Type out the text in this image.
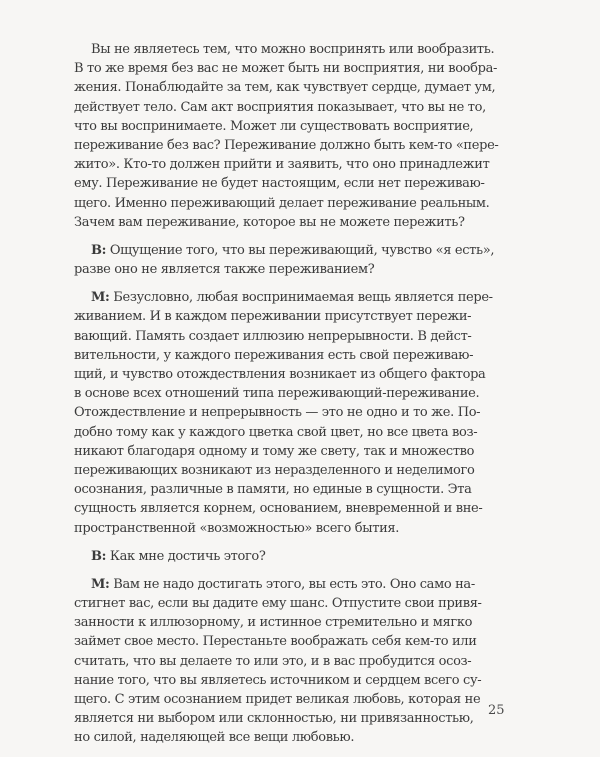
Вы не являетесь тем, что можно воспринять или вообразить.
В то же время без вас не может быть ни восприятия, ни вообра-
жения. Понаблюдайте за тем, как чувствует сердце, думает ум,
действует тело. Сам акт восприятия показывает, что вы не то,
что вы воспринимаете. Может ли существовать восприятие,
переживание без вас? Переживание должно быть кем-то «пере-
жито». Кто-то должен прийти и заявить, что оно принадлежит
ему. Переживание не будет настоящим, если нет переживаю-
щего. Именно переживающий делает переживание реальным.
Зачем вам переживание, которое вы не можете пережить?
В: Ощущение того, что вы переживающий, чувство «я есть»,
разве оно не является также переживанием?
М: Безусловно, любая воспринимаемая вещь является пере-
живанием. И в каждом переживании присутствует пережи-
вающий. Память создает иллюзию непрерывности. В дейст-
вительности, у каждого переживания есть свой переживаю-
щий, и чувство отождествления возникает из общего фактора
в основе всех отношений типа переживающий-переживание.
Отождествление и непрерывность — это не одно и то же. По-
добно тому как у каждого цветка свой цвет, но все цвета воз-
никают благодаря одному и тому же свету, так и множество
переживающих возникают из неразделенного и неделимого
осознания, различные в памяти, но единые в сущности. Эта
сущность является корнем, основанием, вневременной и вне-
пространственной «возможностью» всего бытия.
В: Как мне достичь этого?
М: Вам не надо достигать этого, вы есть это. Оно само на-
стигнет вас, если вы дадите ему шанс. Отпустите свои привя-
занности к иллюзорному, и истинное стремительно и мягко
займет свое место. Перестаньте воображать себя кем-то или
считать, что вы делаете то или это, и в вас пробудится осоз-
нание того, что вы являетесь источником и сердцем всего су-
щего. С этим осознанием придет великая любовь, которая не
является ни выбором или склонностью, ни привязанностью,
но силой, наделяющей все вещи любовью.
25
